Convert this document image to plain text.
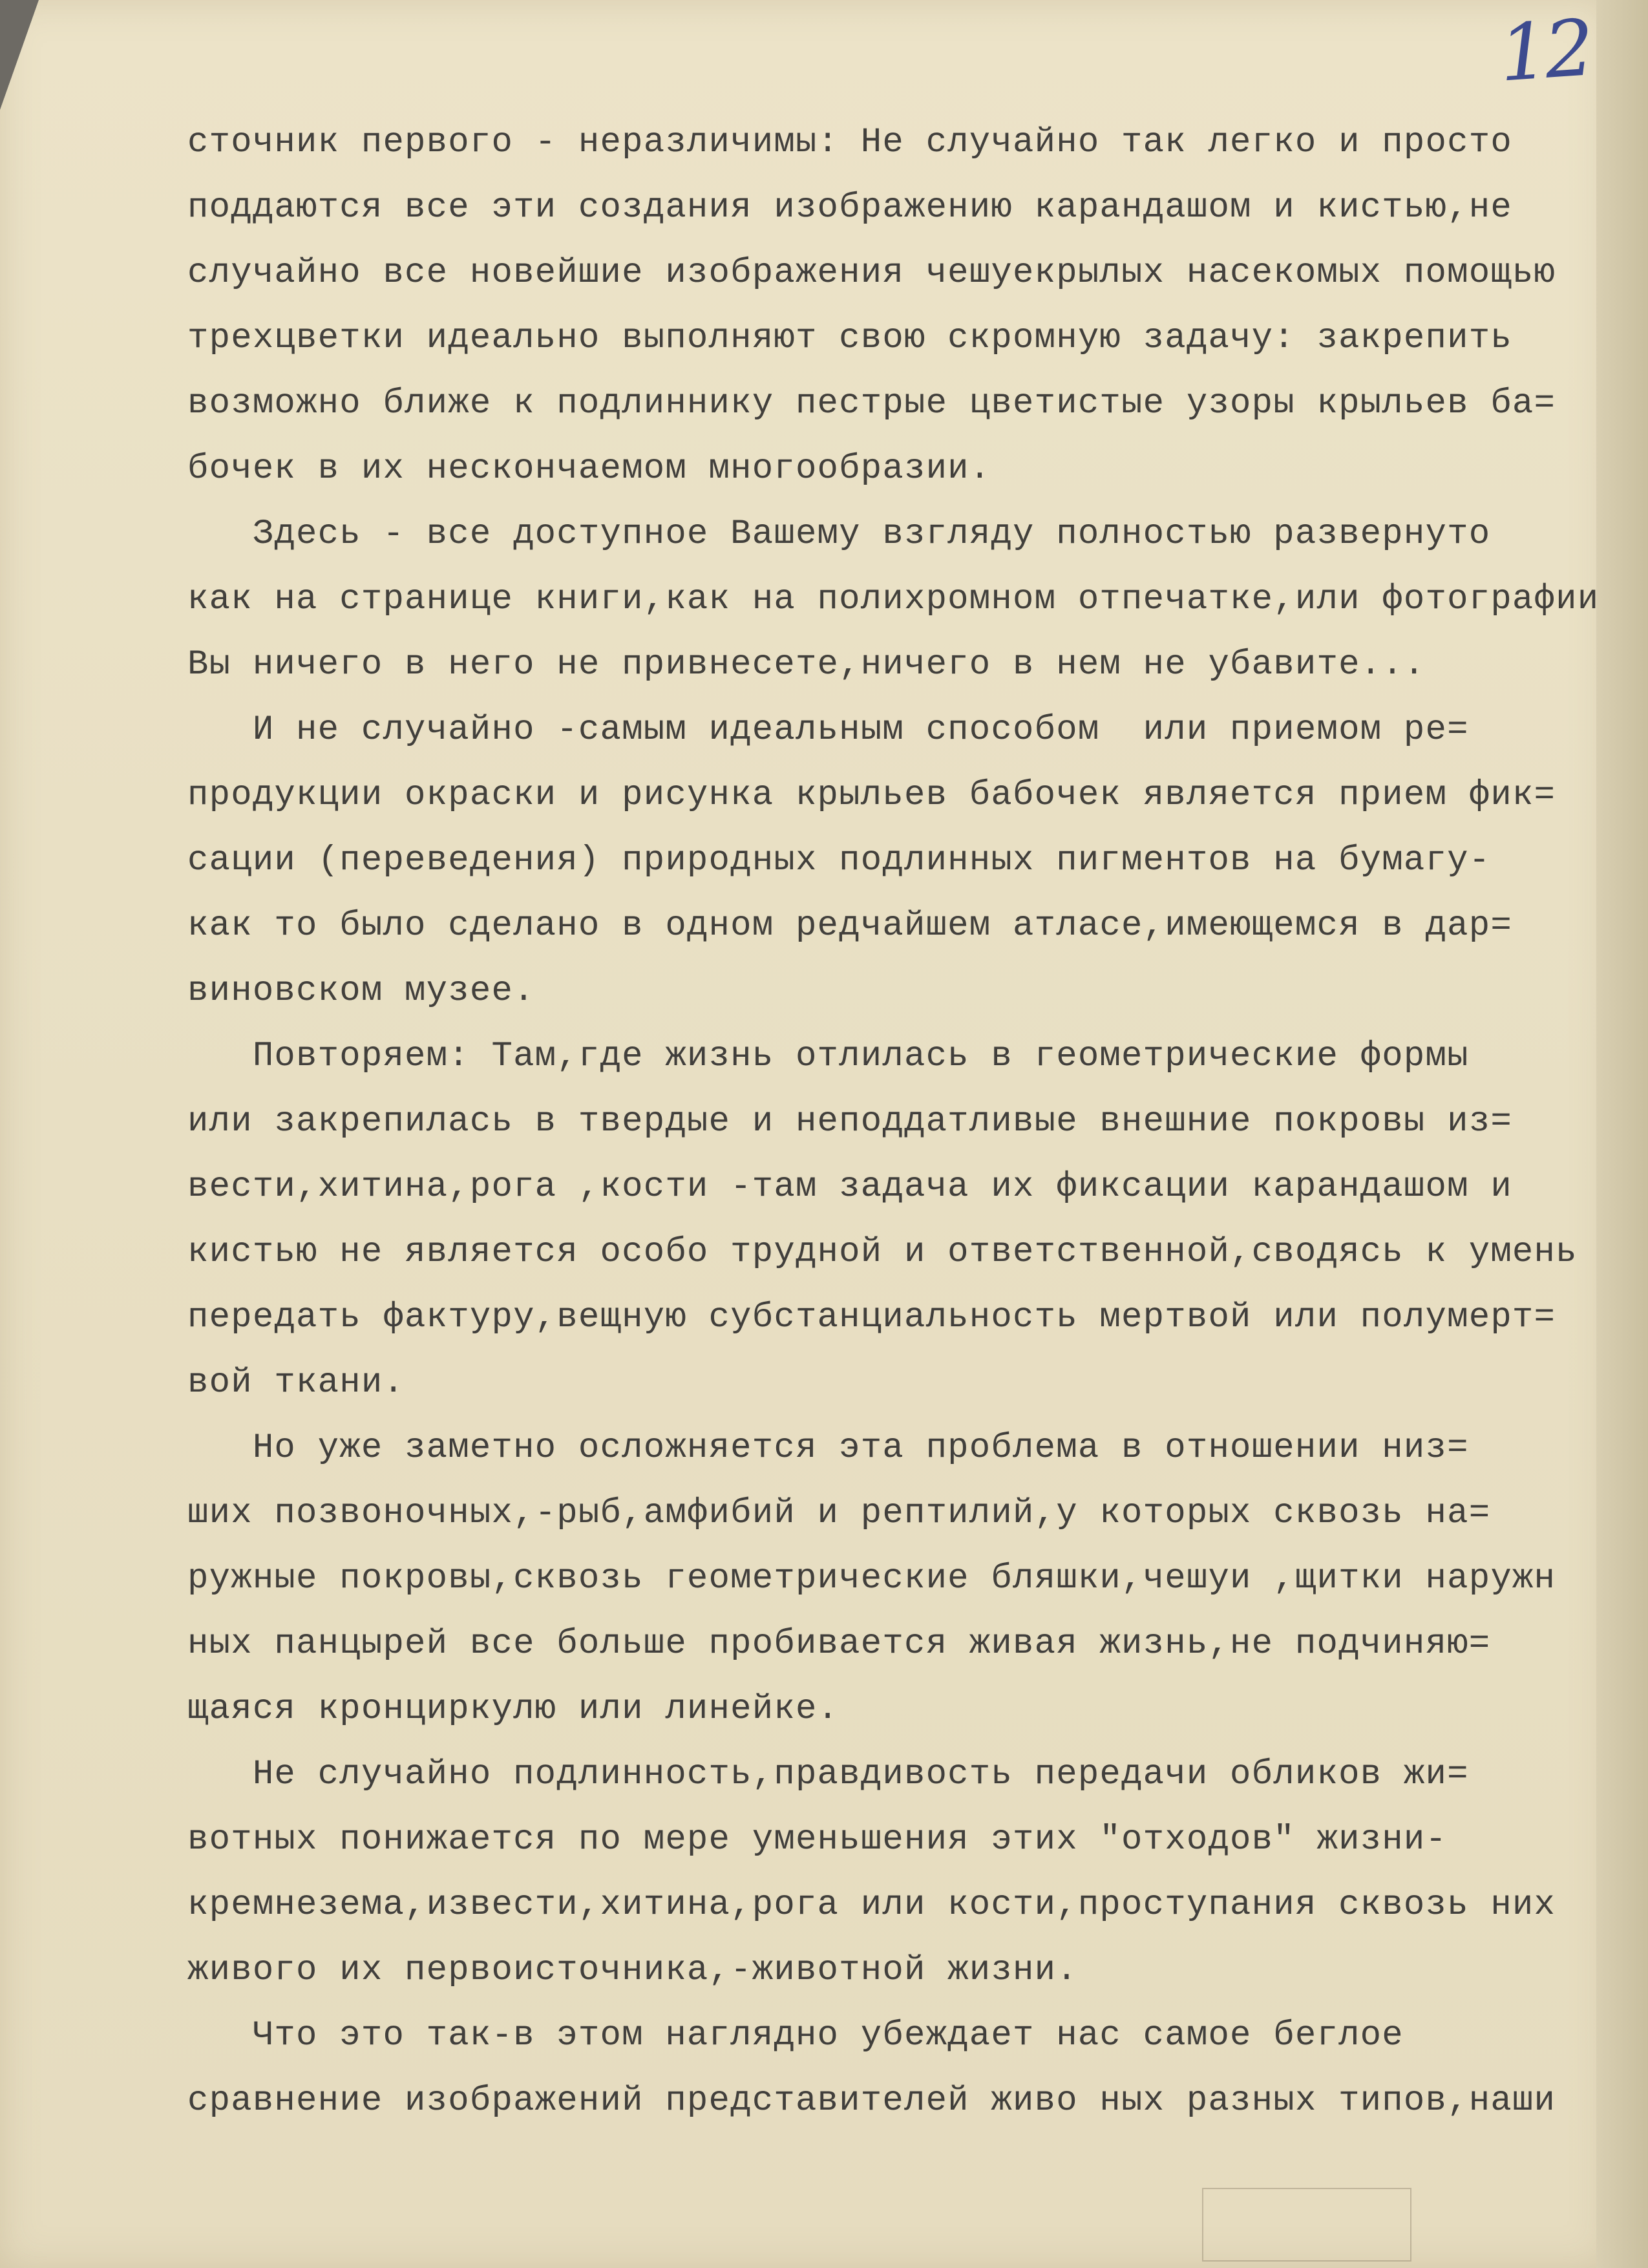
12
сточник первого - неразличимы: Не случайно так легко и просто
поддаются все эти создания изображению карандашом и кистью,не
случайно все новейшие изображения чешуекрылых насекомых помощью
трехцветки идеально выполняют свою скромную задачу: закрепить
возможно ближе к подлиннику пестрые цветистые узоры крыльев ба=
бочек в их нескончаемом многообразии.
Здесь - все доступное Вашему взгляду полностью развернуто
как на странице книги,как на полихромном отпечатке,или фотографии
Вы ничего в него не привнесете,ничего в нем не убавите...
И не случайно -самым идеальным способом  или приемом ре=
продукции окраски и рисунка крыльев бабочек является прием фик=
сации (переведения) природных подлинных пигментов на бумагу-
как то было сделано в одном редчайшем атласе,имеющемся в дар=
виновском музее.
Повторяем: Там,где жизнь отлилась в геометрические формы
или закрепилась в твердые и неподдатливые внешние покровы из=
вести,хитина,рога ,кости -там задача их фиксации карандашом и
кистью не является особо трудной и ответственной,сводясь к умень
передать фактуру,вещную субстанциальность мертвой или полумерт=
вой ткани.
Но уже заметно осложняется эта проблема в отношении низ=
ших позвоночных,-рыб,амфибий и рептилий,у которых сквозь на=
ружные покровы,сквозь геометрические бляшки,чешуи ,щитки наружн
ных панцырей все больше пробивается живая жизнь,не подчиняю=
щаяся кронциркулю или линейке.
Не случайно подлинность,правдивость передачи обликов жи=
вотных понижается по мере уменьшения этих "отходов" жизни-
кремнезема,извести,хитина,рога или кости,проступания сквозь них
живого их первоисточника,-животной жизни.
Что это так-в этом наглядно убеждает нас самое беглое
сравнение изображений представителей живо ных разных типов,наши
